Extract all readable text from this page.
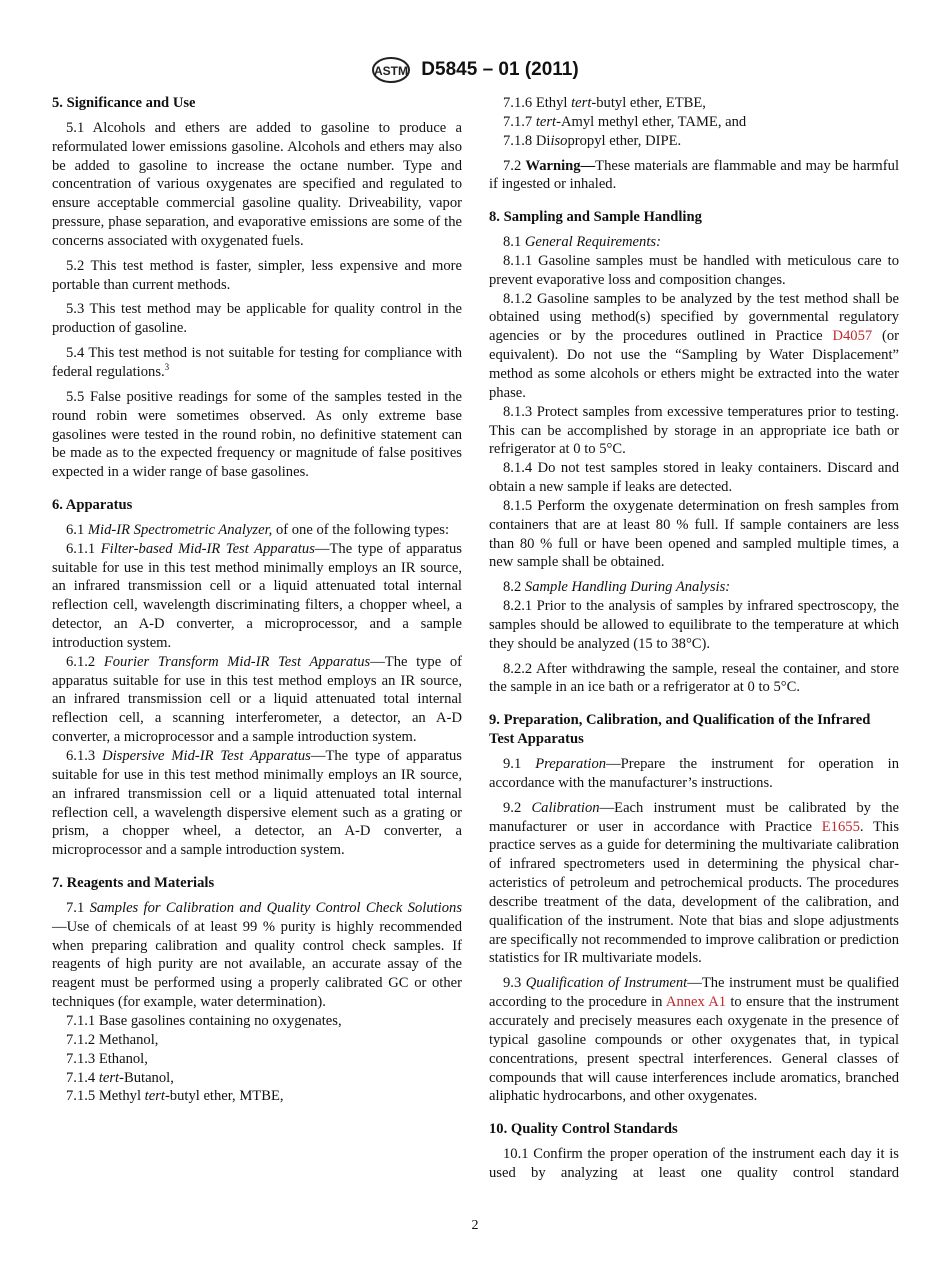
ASTM D5845 – 01 (2011)

5. Significance and Use

5.1 Alcohols and ethers are added to gasoline to produce a reformulated lower emissions gasoline. Alcohols and ethers may also be added to gasoline to increase the octane number. Type and concentration of various oxygenates are specified and regulated to ensure acceptable commercial gasoline quality. Driveability, vapor pressure, phase separation, and evaporative emissions are some of the concerns associated with oxygenated fuels.

5.2 This test method is faster, simpler, less expensive and more portable than current methods.

5.3 This test method may be applicable for quality control in the production of gasoline.

5.4 This test method is not suitable for testing for compliance with federal regulations.$^3$

5.5 False positive readings for some of the samples tested in the round robin were sometimes observed. As only extreme base gasolines were tested in the round robin, no definitive statement can be made as to the expected frequency or magnitude of false positives expected in a wider range of base gasolines.

6. Apparatus

6.1 Mid-IR Spectrometric Analyzer, of one of the following types:

6.1.1 Filter-based Mid-IR Test Apparatus—The type of apparatus suitable for use in this test method minimally employs an IR source, an infrared transmission cell or a liquid attenuated total internal reflection cell, wavelength discriminating filters, a chopper wheel, a detector, an A-D converter, a microprocessor, and a sample introduction system.

6.1.2 Fourier Transform Mid-IR Test Apparatus—The type of apparatus suitable for use in this test method employs an IR source, an infrared transmission cell or a liquid attenuated total internal reflection cell, a scanning interferometer, a detector, an A-D converter, a microprocessor and a sample introduction system.

6.1.3 Dispersive Mid-IR Test Apparatus—The type of apparatus suitable for use in this test method minimally employs an IR source, an infrared transmission cell or a liquid attenuated total internal reflection cell, a wavelength dispersive element such as a grating or prism, a chopper wheel, a detector, an A-D converter, a microprocessor and a sample introduction system.

7. Reagents and Materials

7.1 Samples for Calibration and Quality Control Check Solutions—Use of chemicals of at least 99 % purity is highly recommended when preparing calibration and quality control check samples. If reagents of high purity are not available, an accurate assay of the reagent must be performed using a properly calibrated GC or other techniques (for example, water determination).

7.1.1 Base gasolines containing no oxygenates,

7.1.2 Methanol,

7.1.3 Ethanol,

7.1.4 tert-Butanol,

7.1.5 Methyl tert-butyl ether, MTBE,

7.1.6 Ethyl tert-butyl ether, ETBE,

7.1.7 tert-Amyl methyl ether, TAME, and

7.1.8 Diisopropyl ether, DIPE.

7.2 Warning—These materials are flammable and may be harmful if ingested or inhaled.

8. Sampling and Sample Handling

8.1 General Requirements:

8.1.1 Gasoline samples must be handled with meticulous care to prevent evaporative loss and composition changes.

8.1.2 Gasoline samples to be analyzed by the test method shall be obtained using method(s) specified by governmental regulatory agencies or by the procedures outlined in Practice D4057 (or equivalent). Do not use the “Sampling by Water Displacement” method as some alcohols or ethers might be extracted into the water phase.

8.1.3 Protect samples from excessive temperatures prior to testing. This can be accomplished by storage in an appropriate ice bath or refrigerator at 0 to 5°C.

8.1.4 Do not test samples stored in leaky containers. Discard and obtain a new sample if leaks are detected.

8.1.5 Perform the oxygenate determination on fresh samples from containers that are at least 80 % full. If sample containers are less than 80 % full or have been opened and sampled multiple times, a new sample shall be obtained.

8.2 Sample Handling During Analysis:

8.2.1 Prior to the analysis of samples by infrared spectroscopy, the samples should be allowed to equilibrate to the temperature at which they should be analyzed (15 to 38°C).

8.2.2 After withdrawing the sample, reseal the container, and store the sample in an ice bath or a refrigerator at 0 to 5°C.

9. Preparation, Calibration, and Qualification of the Infrared Test Apparatus

9.1 Preparation—Prepare the instrument for operation in accordance with the manufacturer’s instructions.

9.2 Calibration—Each instrument must be calibrated by the manufacturer or user in accordance with Practice E1655. This practice serves as a guide for determining the multivariate calibration of infrared spectrometers used in determining the physical characteristics of petroleum and petrochemical products. The procedures describe treatment of the data, development of the calibration, and qualification of the instrument. Note that bias and slope adjustments are specifically not recommended to improve calibration or prediction statistics for IR multivariate models.

9.3 Qualification of Instrument—The instrument must be qualified according to the procedure in Annex A1 to ensure that the instrument accurately and precisely measures each oxygenate in the presence of typical gasoline compounds or other oxygenates that, in typical concentrations, present spectral interferences. General classes of compounds that will cause interferences include aromatics, branched aliphatic hydrocarbons, and other oxygenates.

10. Quality Control Standards

10.1 Confirm the proper operation of the instrument each day it is used by analyzing at least one quality control standard

2
